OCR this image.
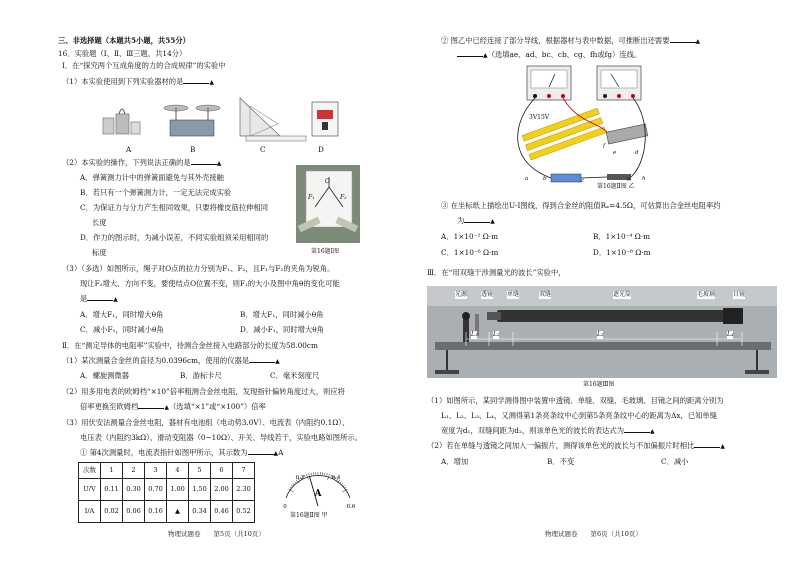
三、非选择题（本题共5小题，共55分）
16．实验题（Ⅰ、Ⅱ、Ⅲ三题，共14分）
Ⅰ．在“探究两个互成角度的力的合成规律”的实验中
（1）本实验使用到下列实验器材的是	▲
A	B	C	D
（2）本实验的操作，下列说法正确的是	▲
A．弹簧测力计中的弹簧面避免与其外壳接触
B．若只有一个弹簧测力计，一定无法完成实验
C．为保证力与分力产生相同效果，只要将橡皮筋拉伸相同
长度
D．作力的图示时，为减小误差，不同实验组须采用相同的
标度
O
F₁	F₂
第16题Ⅰ图
（3）（多选）如图所示，绳子对O点的拉力分别为F₁、F₂，且F₁与F₂的夹角为锐角。
现让F₂增大、方向不变，要使结点O位置不变，则F₁的大小及图中角θ的变化可能
是	▲
A．增大F₁，同时增大θ角	B．增大F₁，同时减小θ角
C．减小F₁，同时减小θ角	D．减小F₁，同时增大θ角
Ⅱ．在“测定导体的电阻率”实验中，待测合金丝接入电路部分的长度为58.00cm
（1）某次测量合金丝的直径为0.0396cm，使用的仪器是	▲
A．螺旋测微器	B．游标卡尺	C．毫米刻度尺
（2）用多用电表的欧姆档“×10”倍率粗测合金丝电阻，发现指针偏转角度过大，则应将
倍率更换至欧姆档	▲（选填“×1”或“×100”）倍率
（3）用伏安法测量合金丝电阻，器材有电池组（电动势3.0V）、电流表（内阻约0.1Ω）、
电压表（内阻约3kΩ）、滑动变阻器（0~10Ω）、开关、导线若干，实验电路如图所示。
① 第4次测量时，电流表指针如图甲所示，其示数为	▲A
次数	1	2	3	4	5	6	7
U/V	0.11	0.30	0.70	1.00	1.50	2.00	2.30
I/A	0.02	0.06	0.16	▲	0.34	0.46	0.52
0
0.2	0.4
0.6
A
第16题Ⅱ图 甲
物理试题卷　　第5页（共10页）
② 图乙中已经连接了部分导线，根据器材与表中数据，可推断出还需要	▲
▲（选填ae、ad、bc、cb、cg、fh或fg）连线。
3V15V
a	b	c
d
e
f
g h
第16题Ⅱ图 乙
③ 在坐标纸上描绘出U-I图线，得到合金丝的阻值Rₓ=4.5Ω，可估算出合金丝电阻率约
为	▲
A．1×10⁻² Ω·m	B．1×10⁻⁴ Ω·m
C．1×10⁻⁶ Ω·m	D．1×10⁻⁸ Ω·m
Ⅲ．在“用双缝干涉测量光的波长”实验中，
光源 透镜 单缝	双缝	遮光筒	毛玻璃	目镜
L₁	L₂	L₃	L₄
第16题Ⅲ图
（1）如图所示，某同学测得图中装置中透镜、单缝、双缝、毛玻璃、目镜之间的距离分别为
L₁、L₂、L₃、L₄，又测得第1条亮条纹中心到第5条亮条纹中心的距离为Δx，已知单缝
宽度为d₁，双缝间距为d₂，则该单色光的波长的表达式为	▲
（2）若在单缝与透镜之间加入一偏振片，测得该单色光的波长与不加偏振片时相比	▲
A．增加	B．不变	C．减小
物理试题卷　　第6页（共10页）
